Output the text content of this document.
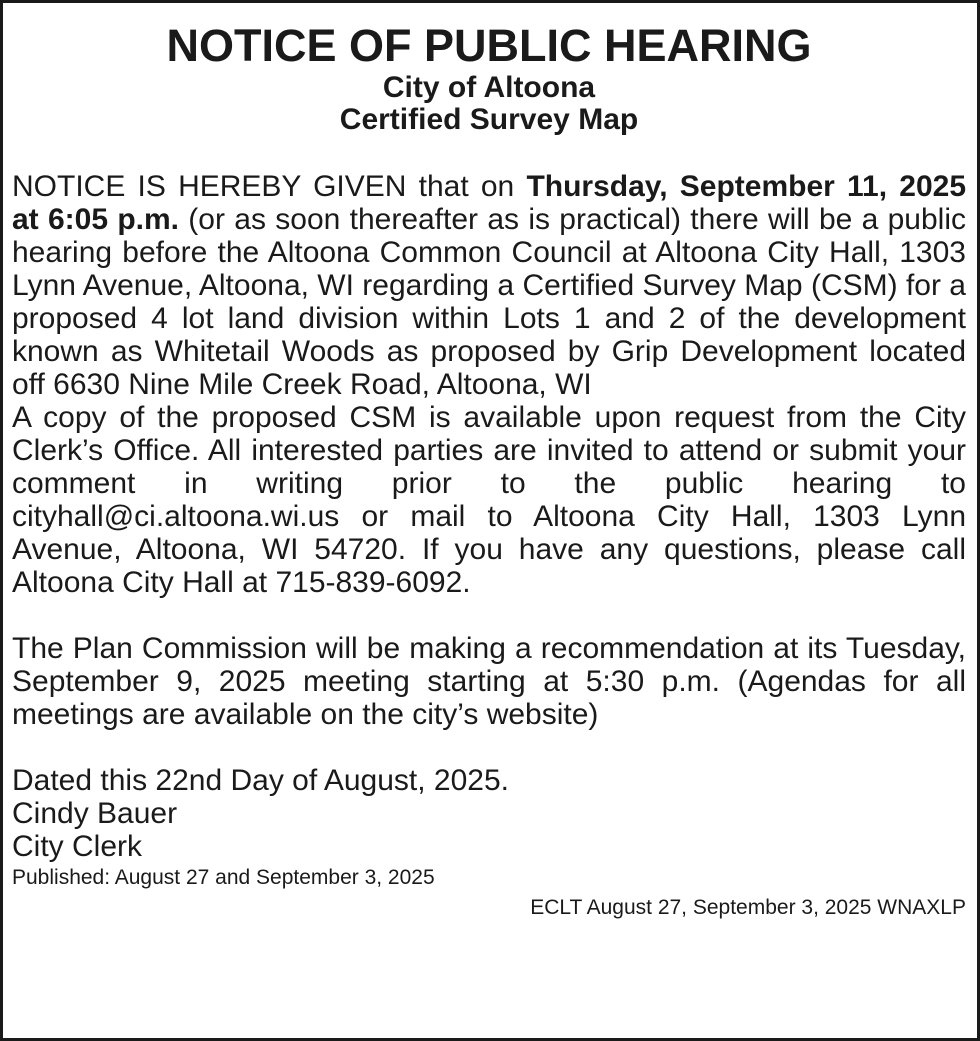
NOTICE OF PUBLIC HEARING
City of Altoona
Certified Survey Map

NOTICE IS HEREBY GIVEN that on Thursday, September 11, 2025 at 6:05 p.m. (or as soon thereafter as is practical) there will be a public hearing before the Altoona Common Council at Altoona City Hall, 1303 Lynn Avenue, Altoona, WI regarding a Certified Survey Map (CSM) for a proposed 4 lot land division within Lots 1 and 2 of the development known as Whitetail Woods as proposed by Grip Development located off 6630 Nine Mile Creek Road, Altoona, WI

A copy of the proposed CSM is available upon request from the City Clerk’s Office. All interested parties are invited to attend or submit your comment in writing prior to the public hearing to cityhall@ci.altoona.wi.us or mail to Altoona City Hall, 1303 Lynn Avenue, Altoona, WI 54720. If you have any questions, please call Altoona City Hall at 715-839-6092.

The Plan Commission will be making a recommendation at its Tuesday, September 9, 2025 meeting starting at 5:30 p.m. (Agendas for all meetings are available on the city’s website)

Dated this 22nd Day of August, 2025.

Cindy Bauer

City Clerk

Published: August 27 and September 3, 2025

ECLT August 27, September 3, 2025 WNAXLP
